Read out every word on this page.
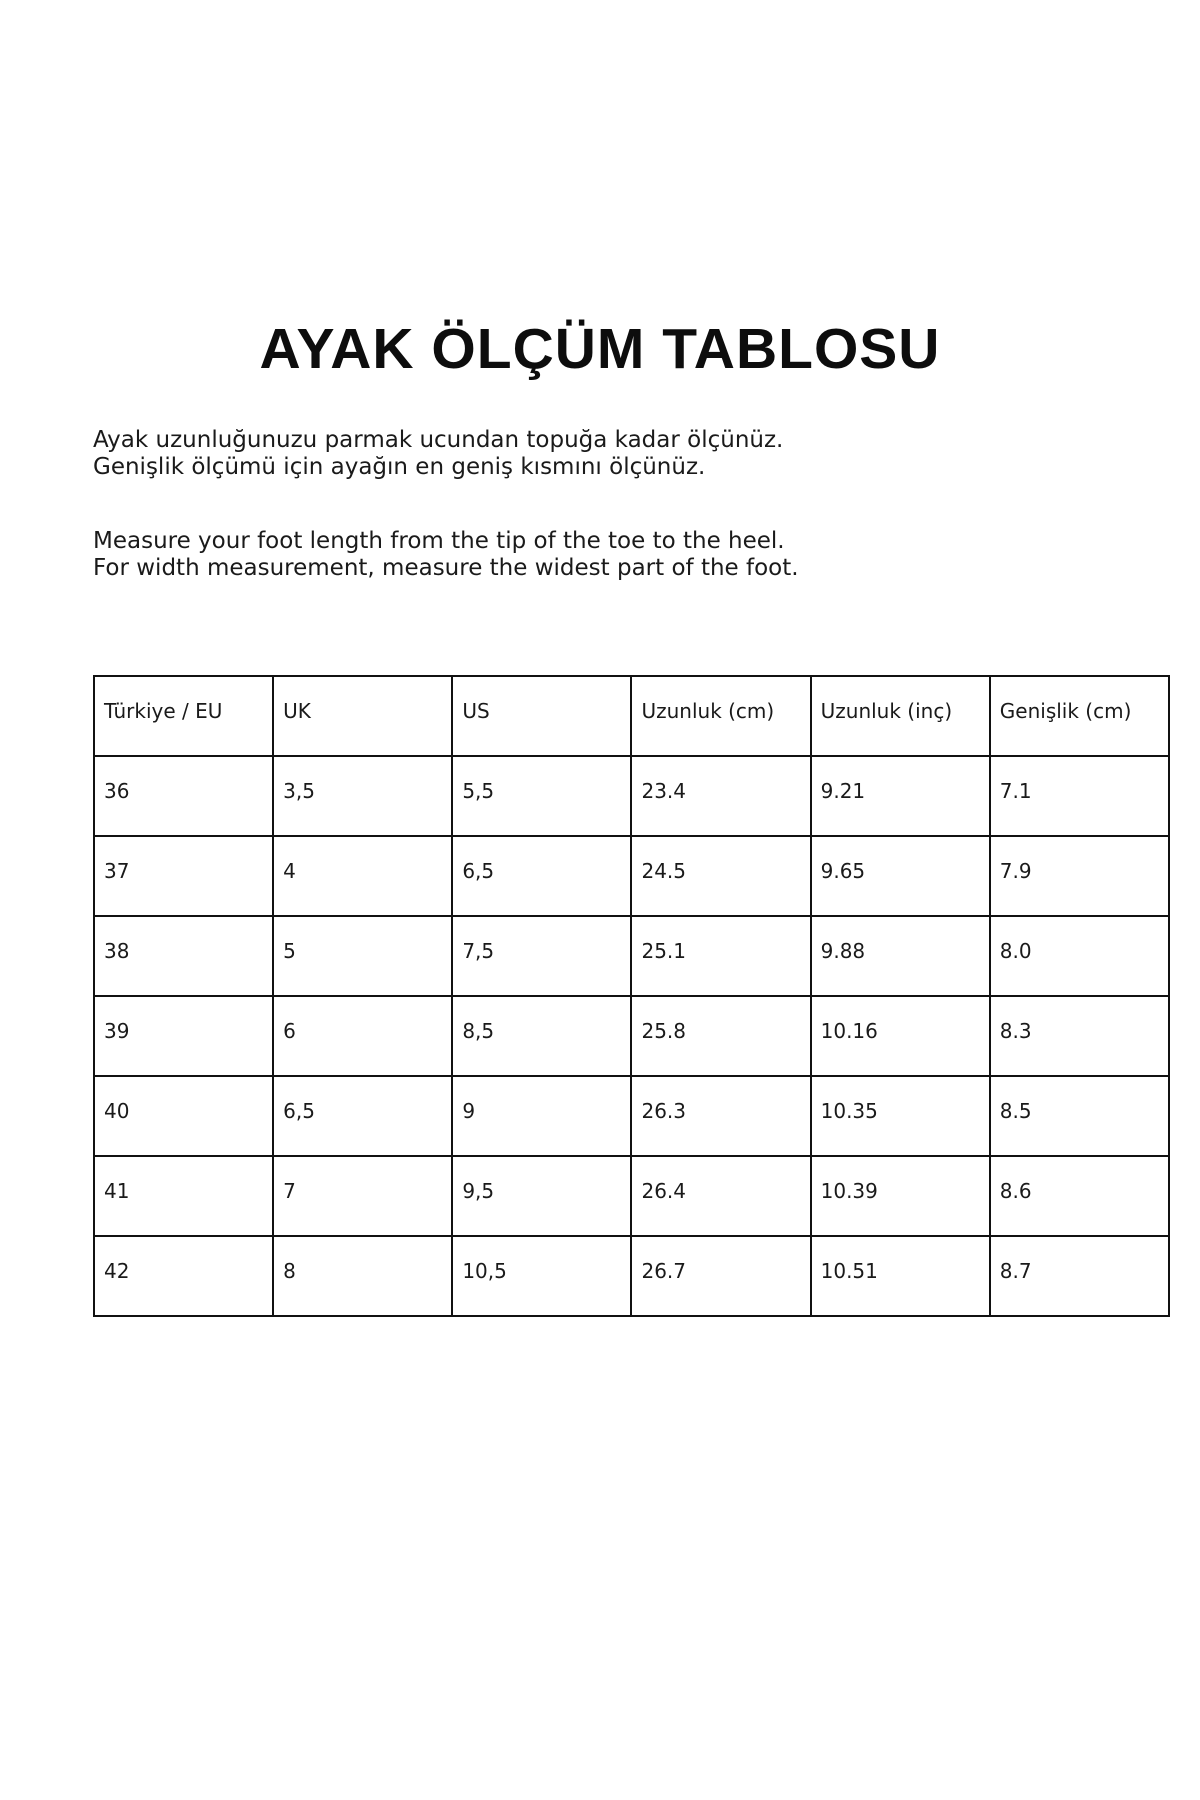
AYAK ÖLÇÜM TABLOSU
Ayak uzunluğunuzu parmak ucundan topuğa kadar ölçünüz.
Genişlik ölçümü için ayağın en geniş kısmını ölçünüz.
Measure your foot length from the tip of the toe to the heel.
For width measurement, measure the widest part of the foot.
Türkiye / EU	UK	US	Uzunluk (cm)	Uzunluk (inç)	Genişlik (cm)
36	3,5	5,5	23.4	9.21	7.1
37	4	6,5	24.5	9.65	7.9
38	5	7,5	25.1	9.88	8.0
39	6	8,5	25.8	10.16	8.3
40	6,5	9	26.3	10.35	8.5
41	7	9,5	26.4	10.39	8.6
42	8	10,5	26.7	10.51	8.7
